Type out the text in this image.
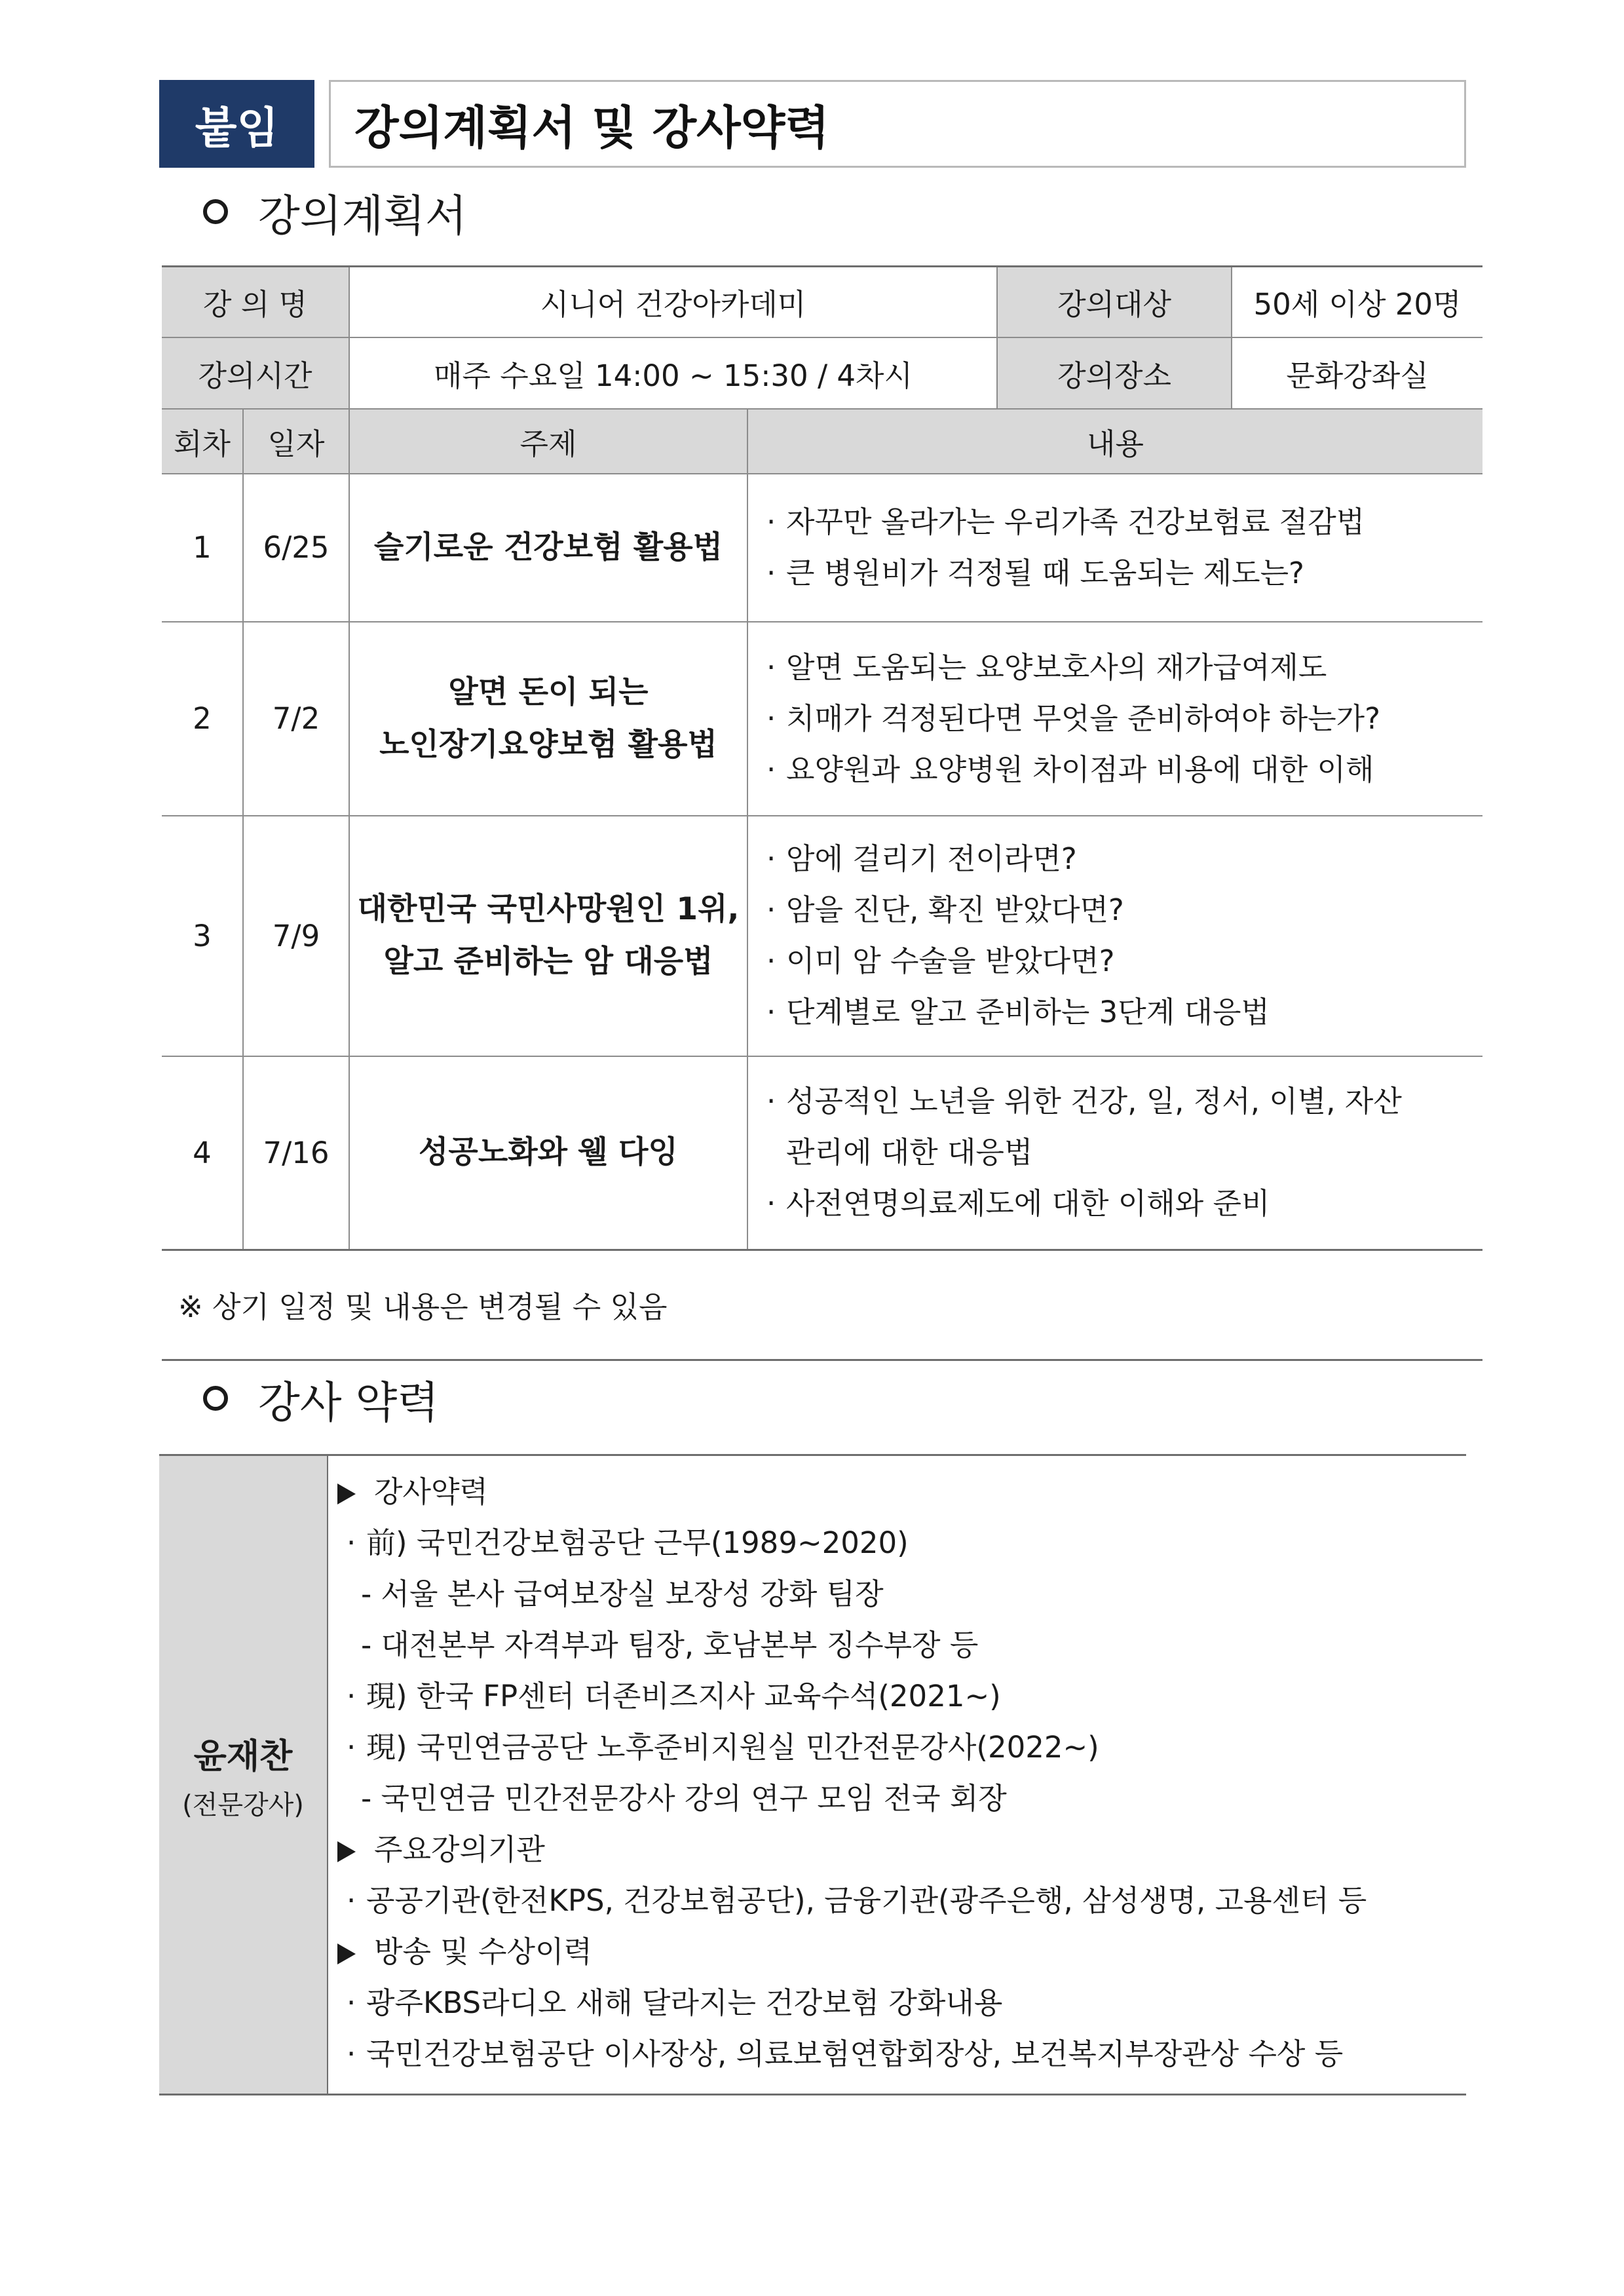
붙임	강의계획서 및 강사약력
강의계획서
강 의 명		시니어 건강아카데미		강의대상	50세 이상 20명
강의시간		매주 수요일 14:00 ~ 15:30 / 4차시		강의장소	문화강좌실
회차	일자	주제	내용		
1	6/25	슬기로운 건강보험 활용법	· 자꾸만 올라가는 우리가족 건강보험료 절감법
· 큰 병원비가 걱정될 때 도움되는 제도는?		

2	7/2	알면 돈이 되는
노인장기요양보험 활용법	· 알면 도움되는 요양보호사의 재가급여제도
· 치매가 걱정된다면 무엇을 준비하여야 하는가?
· 요양원과 요양병원 차이점과 비용에 대한 이해		

3	7/9	대한민국 국민사망원인 1위,
알고 준비하는 암 대응법	· 암에 걸리기 전이라면?
· 암을 진단, 확진 받았다면?
· 이미 암 수술을 받았다면?
· 단계별로 알고 준비하는 3단계 대응법		

4	7/16	성공노화와 웰 다잉	· 성공적인 노년을 위한 건강, 일, 정서, 이별, 자산
관리에 대한 대응법
· 사전연명의료제도에 대한 이해와 준비		
※ 상기 일정 및 내용은 변경될 수 있음
강사 약력
윤재찬
(전문강사)
강사약력
· 前) 국민건강보험공단 근무(1989~2020)
- 서울 본사 급여보장실 보장성 강화 팀장
- 대전본부 자격부과 팀장, 호남본부 징수부장 등
· 現) 한국 FP센터 더존비즈지사 교육수석(2021~)
· 現) 국민연금공단 노후준비지원실 민간전문강사(2022~)
- 국민연금 민간전문강사 강의 연구 모임 전국 회장
주요강의기관
· 공공기관(한전KPS, 건강보험공단), 금융기관(광주은행, 삼성생명, 고용센터 등
방송 및 수상이력
· 광주KBS라디오 새해 달라지는 건강보험 강화내용
· 국민건강보험공단 이사장상, 의료보험연합회장상, 보건복지부장관상 수상 등
